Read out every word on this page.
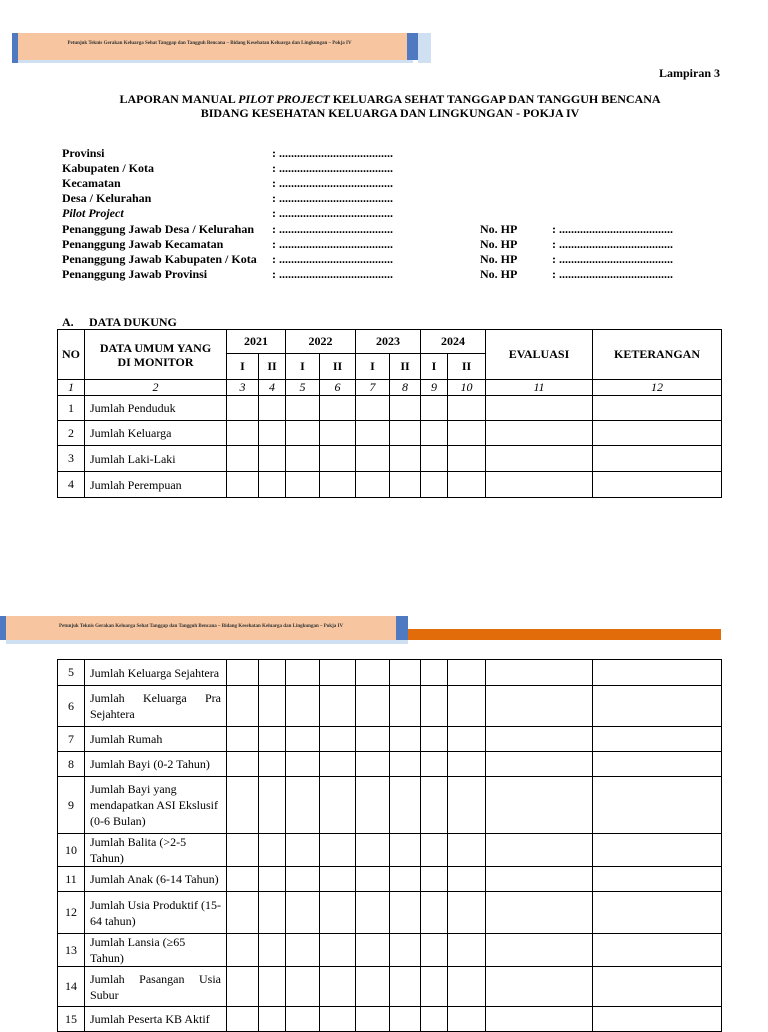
Petunjuk Teknis Gerakan Keluarga Sehat Tanggap dan Tangguh Bencana – Bidang Kesehatan Keluarga dan Lingkungan – Pokja IV
Lampiran 3
LAPORAN MANUAL PILOT PROJECT KELUARGA SEHAT TANGGAP DAN TANGGUH BENCANA
BIDANG KESEHATAN KELUARGA DAN LINGKUNGAN - POKJA IV
Provinsi	: ......................................
Kabupaten / Kota	: ......................................
Kecamatan	: ......................................
Desa / Kelurahan	: ......................................
Pilot Project	: ......................................
Penanggung Jawab Desa / Kelurahan : ......................................	No. HP	: ......................................
Penanggung Jawab Kecamatan	: ......................................	No. HP	: ......................................
Penanggung Jawab Kabupaten / Kota : ......................................	No. HP	: ......................................
Penanggung Jawab Provinsi	: ......................................	No. HP	: ......................................
A. DATA DUKUNG
NO	DATA UMUM YANG DI MONITOR	2021		2022		2023		2024		EVALUASI	KETERANGAN
		I	II	I	II	I	II	I	II		
1	2	3	4	5	6	7	8	9	10	11	12
1	Jumlah Penduduk										
2	Jumlah Keluarga										
3	Jumlah Laki-Laki										
4	Jumlah Perempuan										
Petunjuk Teknis Gerakan Keluarga Sehat Tanggap dan Tangguh Bencana – Bidang Kesehatan Keluarga dan Lingkungan – Pokja IV
5	Jumlah Keluarga Sejahtera										
6	Jumlah Keluarga Pra Sejahtera										
7	Jumlah Rumah										
8	Jumlah Bayi (0-2 Tahun)										
9	Jumlah Bayi yang mendapatkan ASI Ekslusif (0-6 Bulan)										
10	Jumlah Balita (>2-5 Tahun)										
11	Jumlah Anak (6-14 Tahun)										
12	Jumlah Usia Produktif (15-64 tahun)										
13	Jumlah Lansia (≥65 Tahun)										
14	Jumlah Pasangan Usia Subur										
15	Jumlah Peserta KB Aktif										
